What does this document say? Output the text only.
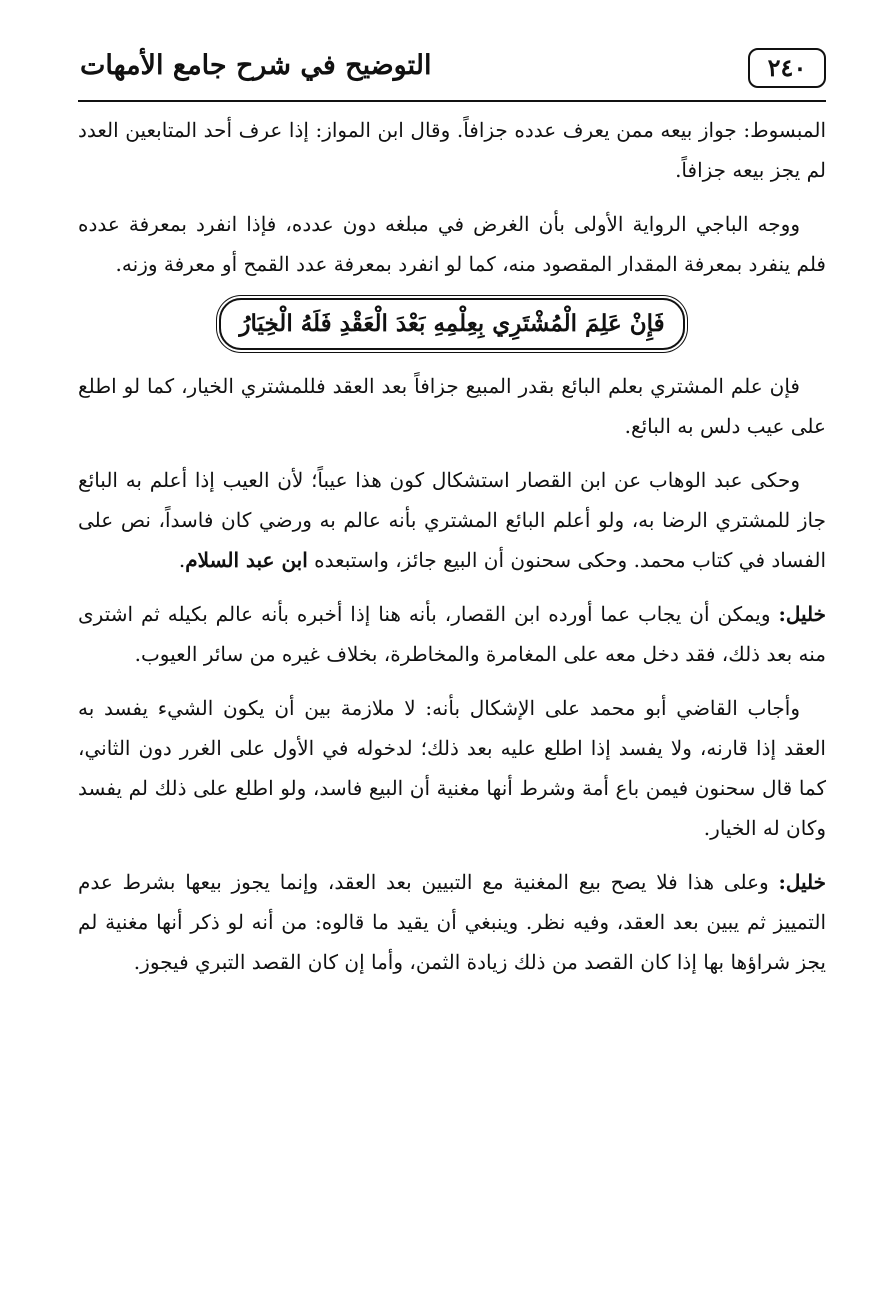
٢٤٠
التوضيح في شرح جامع الأمهات

المبسوط: جواز بيعه ممن يعرف عدده جزافاً. وقال ابن المواز: إذا عرف أحد المتابعين العدد لم يجز بيعه جزافاً.

ووجه الباجي الرواية الأولى بأن الغرض في مبلغه دون عدده، فإذا انفرد بمعرفة عدده فلم ينفرد بمعرفة المقدار المقصود منه، كما لو انفرد بمعرفة عدد القمح أو معرفة وزنه.

فَإِنْ عَلِمَ الْمُشْتَرِي بِعِلْمِهِ بَعْدَ الْعَقْدِ فَلَهُ الْخِيَارُ

فإن علم المشتري بعلم البائع بقدر المبيع جزافاً بعد العقد فللمشتري الخيار، كما لو اطلع على عيب دلس به البائع.

وحكى عبد الوهاب عن ابن القصار استشكال كون هذا عيباً؛ لأن العيب إذا أعلم به البائع جاز للمشتري الرضا به، ولو أعلم البائع المشتري بأنه عالم به ورضي كان فاسداً، نص على الفساد في كتاب محمد. وحكى سحنون أن البيع جائز، واستبعده ابن عبد السلام.

خليل: ويمكن أن يجاب عما أورده ابن القصار، بأنه هنا إذا أخبره بأنه عالم بكيله ثم اشترى منه بعد ذلك، فقد دخل معه على المغامرة والمخاطرة، بخلاف غيره من سائر العيوب.

وأجاب القاضي أبو محمد على الإشكال بأنه: لا ملازمة بين أن يكون الشيء يفسد به العقد إذا قارنه، ولا يفسد إذا اطلع عليه بعد ذلك؛ لدخوله في الأول على الغرر دون الثاني، كما قال سحنون فيمن باع أمة وشرط أنها مغنية أن البيع فاسد، ولو اطلع على ذلك لم يفسد وكان له الخيار.

خليل: وعلى هذا فلا يصح بيع المغنية مع التبيين بعد العقد، وإنما يجوز بيعها بشرط عدم التمييز ثم يبين بعد العقد، وفيه نظر. وينبغي أن يقيد ما قالوه: من أنه لو ذكر أنها مغنية لم يجز شراؤها بها إذا كان القصد من ذلك زيادة الثمن، وأما إن كان القصد التبري فيجوز.
